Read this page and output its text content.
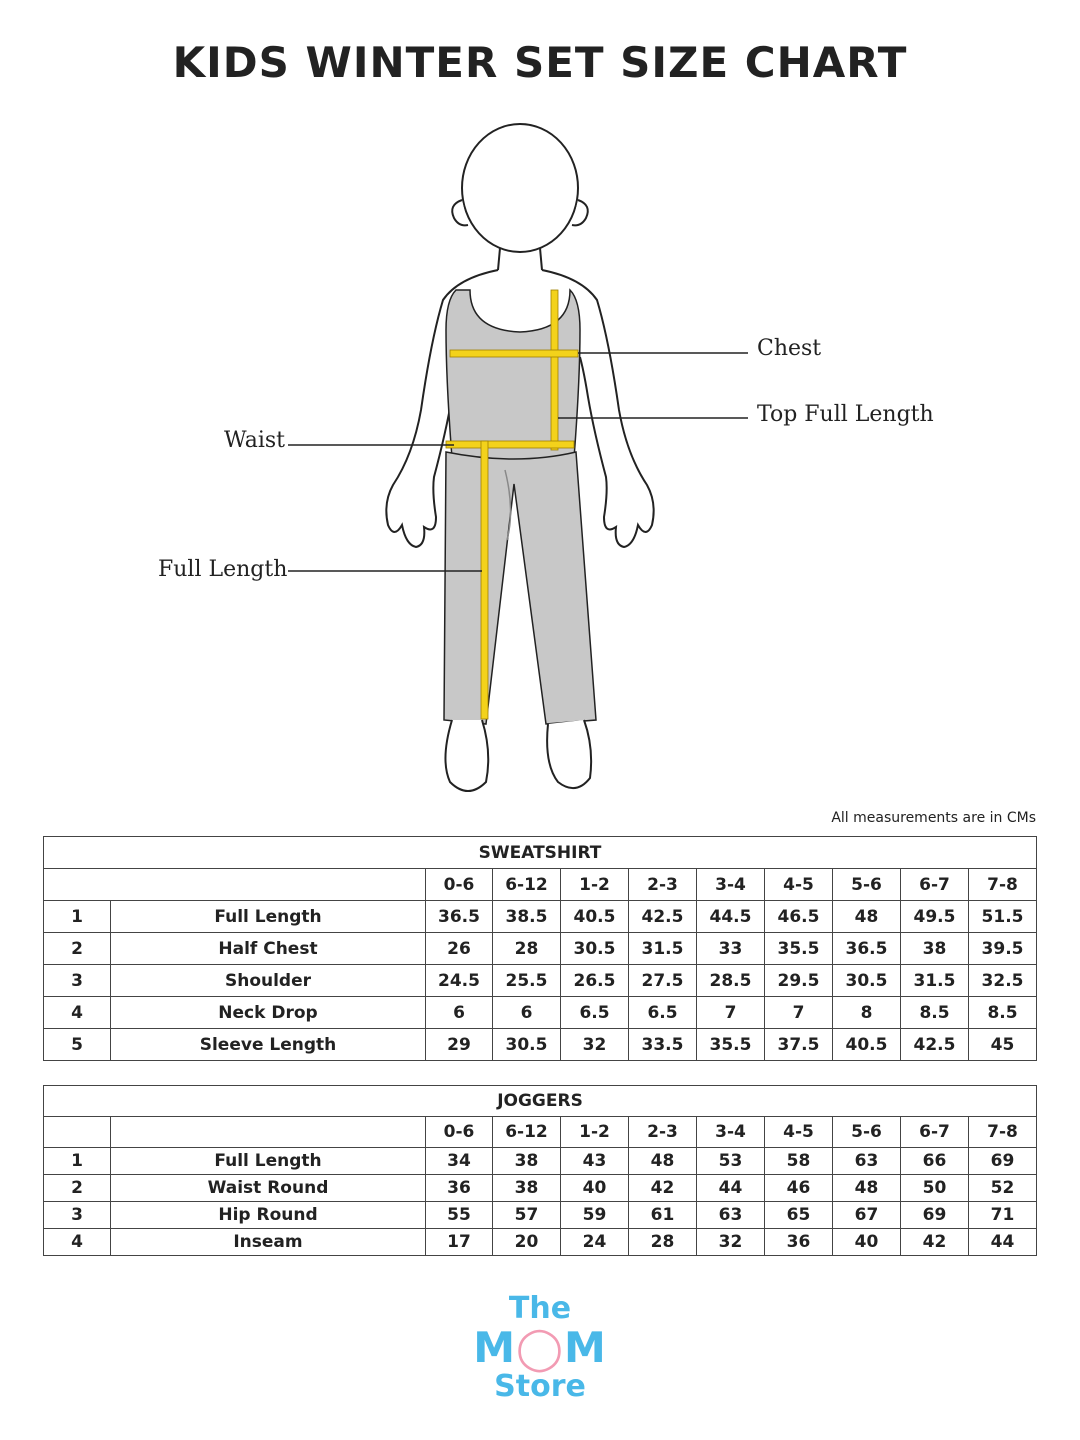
KIDS WINTER SET SIZE CHART
Chest
Top Full Length
Waist
Full Length
All measurements are in CMs
SWEATSHIRT										
		0-6	6-12	1-2	2-3	3-4	4-5	5-6	6-7	7-8
1	Full Length	36.5	38.5	40.5	42.5	44.5	46.5	48	49.5	51.5
2	Half Chest	26	28	30.5	31.5	33	35.5	36.5	38	39.5
3	Shoulder	24.5	25.5	26.5	27.5	28.5	29.5	30.5	31.5	32.5
4	Neck Drop	6	6	6.5	6.5	7	7	8	8.5	8.5
5	Sleeve Length	29	30.5	32	33.5	35.5	37.5	40.5	42.5	45
JOGGERS										
		0-6	6-12	1-2	2-3	3-4	4-5	5-6	6-7	7-8
1	Full Length	34	38	43	48	53	58	63	66	69
2	Waist Round	36	38	40	42	44	46	48	50	52
3	Hip Round	55	57	59	61	63	65	67	69	71
4	Inseam	17	20	24	28	32	36	40	42	44
The
M◯M
Store
